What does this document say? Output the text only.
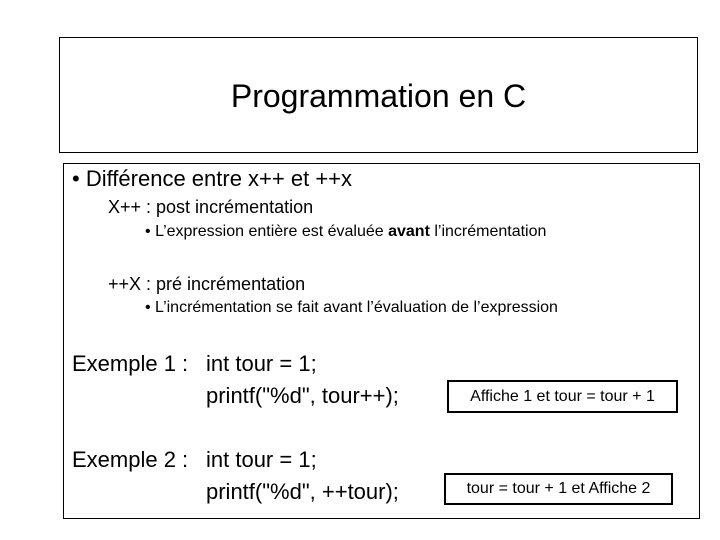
Programmation en C
• Différence entre x++ et ++x
X++ : post incrémentation
• L’expression entière est évaluée avant l’incrémentation
++X : pré incrémentation
• L’incrémentation se fait avant l’évaluation de l’expression
Exemple 1 : int tour = 1;
printf("%d", tour++);	Affiche 1 et tour = tour + 1
Exemple 2 : int tour = 1;
printf("%d", ++tour);	tour = tour + 1 et Affiche 2
